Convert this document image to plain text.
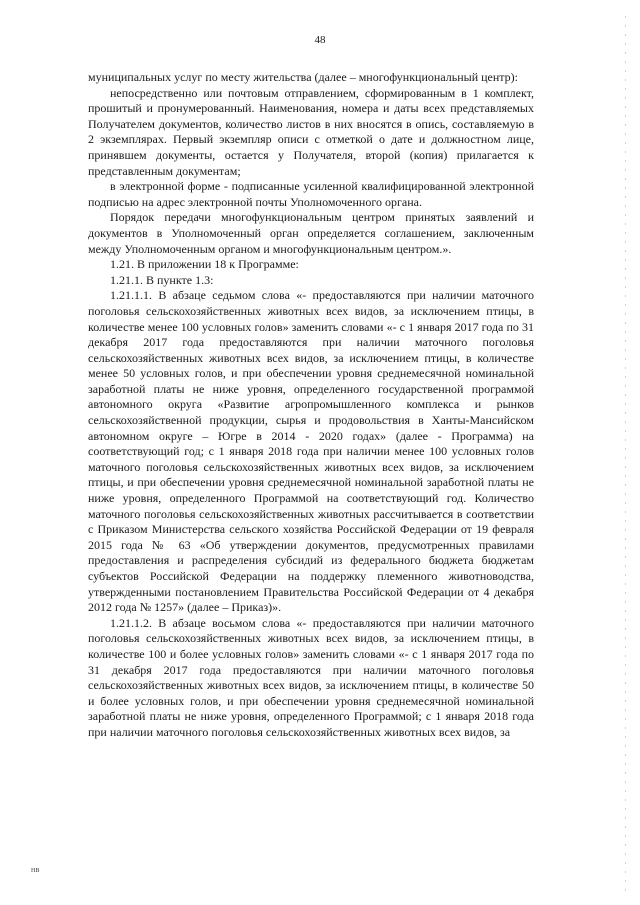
48

муниципальных услуг по месту жительства (далее – многофункциональный центр):

непосредственно или почтовым отправлением, сформированным в 1 комплект, прошитый и пронумерованный. Наименования, номера и даты всех представляемых Получателем документов, количество листов в них вносятся в опись, составляемую в 2 экземплярах. Первый экземпляр описи с отметкой о дате и должностном лице, принявшем документы, остается у Получателя, второй (копия) прилагается к представленным документам;

в электронной форме - подписанные усиленной квалифицированной электронной подписью на адрес электронной почты Уполномоченного органа.

Порядок передачи многофункциональным центром принятых заявлений и документов в Уполномоченный орган определяется соглашением, заключенным между Уполномоченным органом и многофункциональным центром.».

1.21. В приложении 18 к Программе:

1.21.1. В пункте 1.3:

1.21.1.1. В абзаце седьмом слова «- предоставляются при наличии маточного поголовья сельскохозяйственных животных всех видов, за исключением птицы, в количестве менее 100 условных голов» заменить словами «- с 1 января 2017 года по 31 декабря 2017 года предоставляются при наличии маточного поголовья сельскохозяйственных животных всех видов, за исключением птицы, в количестве менее 50 условных голов, и при обеспечении уровня среднемесячной номинальной заработной платы не ниже уровня, определенного государственной программой автономного округа «Развитие агропромышленного комплекса и рынков сельскохозяйственной продукции, сырья и продовольствия в Ханты-Мансийском автономном округе – Югре в 2014 - 2020 годах» (далее - Программа) на соответствующий год; с 1 января 2018 года при наличии менее 100 условных голов маточного поголовья сельскохозяйственных животных всех видов, за исключением птицы, и при обеспечении уровня среднемесячной номинальной заработной платы не ниже уровня, определенного Программой на соответствующий год. Количество маточного поголовья сельскохозяйственных животных рассчитывается в соответствии с Приказом Министерства сельского хозяйства Российской Федерации от 19 февраля 2015 года № 63 «Об утверждении документов, предусмотренных правилами предоставления и распределения субсидий из федерального бюджета бюджетам субъектов Российской Федерации на поддержку племенного животноводства, утвержденными постановлением Правительства Российской Федерации от 4 декабря 2012 года № 1257» (далее – Приказ)».

1.21.1.2. В абзаце восьмом слова «- предоставляются при наличии маточного поголовья сельскохозяйственных животных всех видов, за исключением птицы, в количестве 100 и более условных голов» заменить словами «- с 1 января 2017 года по 31 декабря 2017 года предоставляются при наличии маточного поголовья сельскохозяйственных животных всех видов, за исключением птицы, в количестве 50 и более условных голов, и при обеспечении уровня среднемесячной номинальной заработной платы не ниже уровня, определенного Программой; с 1 января 2018 года при наличии маточного поголовья сельскохозяйственных животных всех видов, за

НВ
